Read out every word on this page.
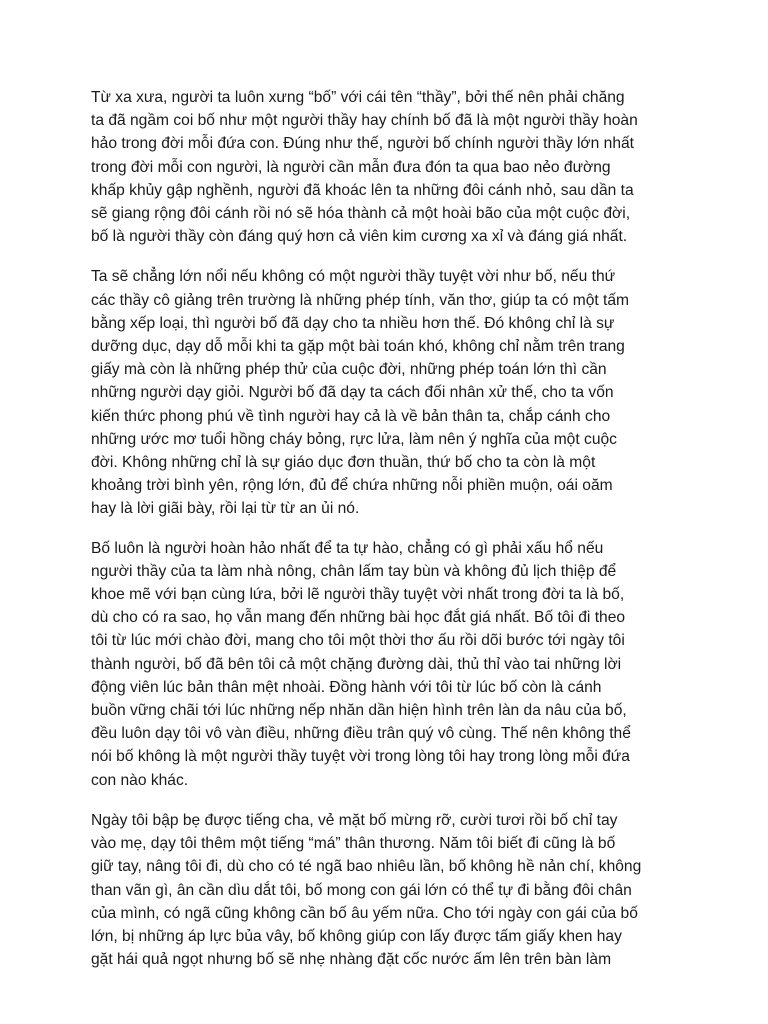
Từ xa xưa, người ta luôn xưng “bố” với cái tên “thầy”, bởi thế nên phải chăng
ta đã ngầm coi bố như một người thầy hay chính bố đã là một người thầy hoàn
hảo trong đời mỗi đứa con. Đúng như thế, người bố chính người thầy lớn nhất
trong đời mỗi con người, là người cần mẫn đưa đón ta qua bao nẻo đường
khấp khủy gập nghềnh, người đã khoác lên ta những đôi cánh nhỏ, sau dần ta
sẽ giang rộng đôi cánh rồi nó sẽ hóa thành cả một hoài bão của một cuộc đời,
bố là người thầy còn đáng quý hơn cả viên kim cương xa xỉ và đáng giá nhất.

Ta sẽ chẳng lớn nổi nếu không có một người thầy tuyệt vời như bố, nếu thứ
các thầy cô giảng trên trường là những phép tính, văn thơ, giúp ta có một tấm
bằng xếp loại, thì người bố đã dạy cho ta nhiều hơn thế. Đó không chỉ là sự
dưỡng dục, dạy dỗ mỗi khi ta gặp một bài toán khó, không chỉ nằm trên trang
giấy mà còn là những phép thử của cuộc đời, những phép toán lớn thì cần
những người dạy giỏi. Người bố đã dạy ta cách đối nhân xử thế, cho ta vốn
kiến thức phong phú về tình người hay cả là về bản thân ta, chắp cánh cho
những ước mơ tuổi hồng cháy bỏng, rực lửa, làm nên ý nghĩa của một cuộc
đời. Không những chỉ là sự giáo dục đơn thuần, thứ bố cho ta còn là một
khoảng trời bình yên, rộng lớn, đủ để chứa những nỗi phiền muộn, oái oăm
hay là lời giãi bày, rồi lại từ từ an ủi nó.

Bố luôn là người hoàn hảo nhất để ta tự hào, chẳng có gì phải xấu hổ nếu
người thầy của ta làm nhà nông, chân lấm tay bùn và không đủ lịch thiệp để
khoe mẽ với bạn cùng lứa, bởi lẽ người thầy tuyệt vời nhất trong đời ta là bố,
dù cho có ra sao, họ vẫn mang đến những bài học đắt giá nhất. Bố tôi đi theo
tôi từ lúc mới chào đời, mang cho tôi một thời thơ ấu rồi dõi bước tới ngày tôi
thành người, bố đã bên tôi cả một chặng đường dài, thủ thỉ vào tai những lời
động viên lúc bản thân mệt nhoài. Đồng hành với tôi từ lúc bố còn là cánh
buồn vững chãi tới lúc những nếp nhăn dần hiện hình trên làn da nâu của bố,
đều luôn dạy tôi vô vàn điều, những điều trân quý vô cùng. Thế nên không thể
nói bố không là một người thầy tuyệt vời trong lòng tôi hay trong lòng mỗi đứa
con nào khác.

Ngày tôi bập bẹ được tiếng cha, vẻ mặt bố mừng rỡ, cười tươi rồi bố chỉ tay
vào mẹ, dạy tôi thêm một tiếng “má” thân thương. Năm tôi biết đi cũng là bố
giữ tay, nâng tôi đi, dù cho có té ngã bao nhiêu lần, bố không hề nản chí, không
than vãn gì, ân cần dìu dắt tôi, bố mong con gái lớn có thể tự đi bằng đôi chân
của mình, có ngã cũng không cần bố âu yếm nữa. Cho tới ngày con gái của bố
lớn, bị những áp lực bủa vây, bố không giúp con lấy được tấm giấy khen hay
gặt hái quả ngọt nhưng bố sẽ nhẹ nhàng đặt cốc nước ấm lên trên bàn làm
